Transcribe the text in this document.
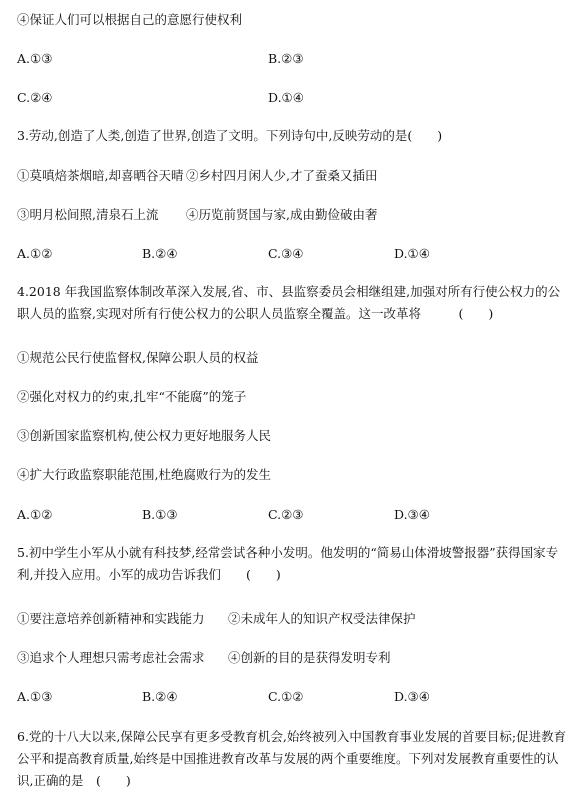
④保证人们可以根据自己的意愿行使权利
A.①③	B.②③
C.②④	D.①④
3.劳动,创造了人类,创造了世界,创造了文明。下列诗句中,反映劳动的是(　　)
①莫嗔焙茶烟暗,却喜晒谷天晴 ②乡村四月闲人少,才了蚕桑又插田
③明月松间照,清泉石上流 ④历览前贤国与家,成由勤俭破由奢
A.①②	B.②④	C.③④	D.①④
4.2018 年我国监察体制改革深入发展,省、市、县监察委员会相继组建,加强对所有行使公权力的公职人员的监察,实现对所有行使公权力的公职人员监察全覆盖。这一改革将　　　(　　)
①规范公民行使监督权,保障公职人员的权益
②强化对权力的约束,扎牢“不能腐”的笼子
③创新国家监察机构,使公权力更好地服务人民
④扩大行政监察职能范围,杜绝腐败行为的发生
A.①②	B.①③	C.②③	D.③④
5.初中学生小军从小就有科技梦,经常尝试各种小发明。他发明的“简易山体滑坡警报器”获得国家专利,并投入应用。小军的成功告诉我们　　(　　)
①要注意培养创新精神和实践能力 ②未成年人的知识产权受法律保护
③追求个人理想只需考虑社会需求 ④创新的目的是获得发明专利
A.①③	B.②④	C.①②	D.③④
6.党的十八大以来,保障公民享有更多受教育机会,始终被列入中国教育事业发展的首要目标;促进教育公平和提高教育质量,始终是中国推进教育改革与发展的两个重要维度。下列对发展教育重要性的认识,正确的是　(　　)
